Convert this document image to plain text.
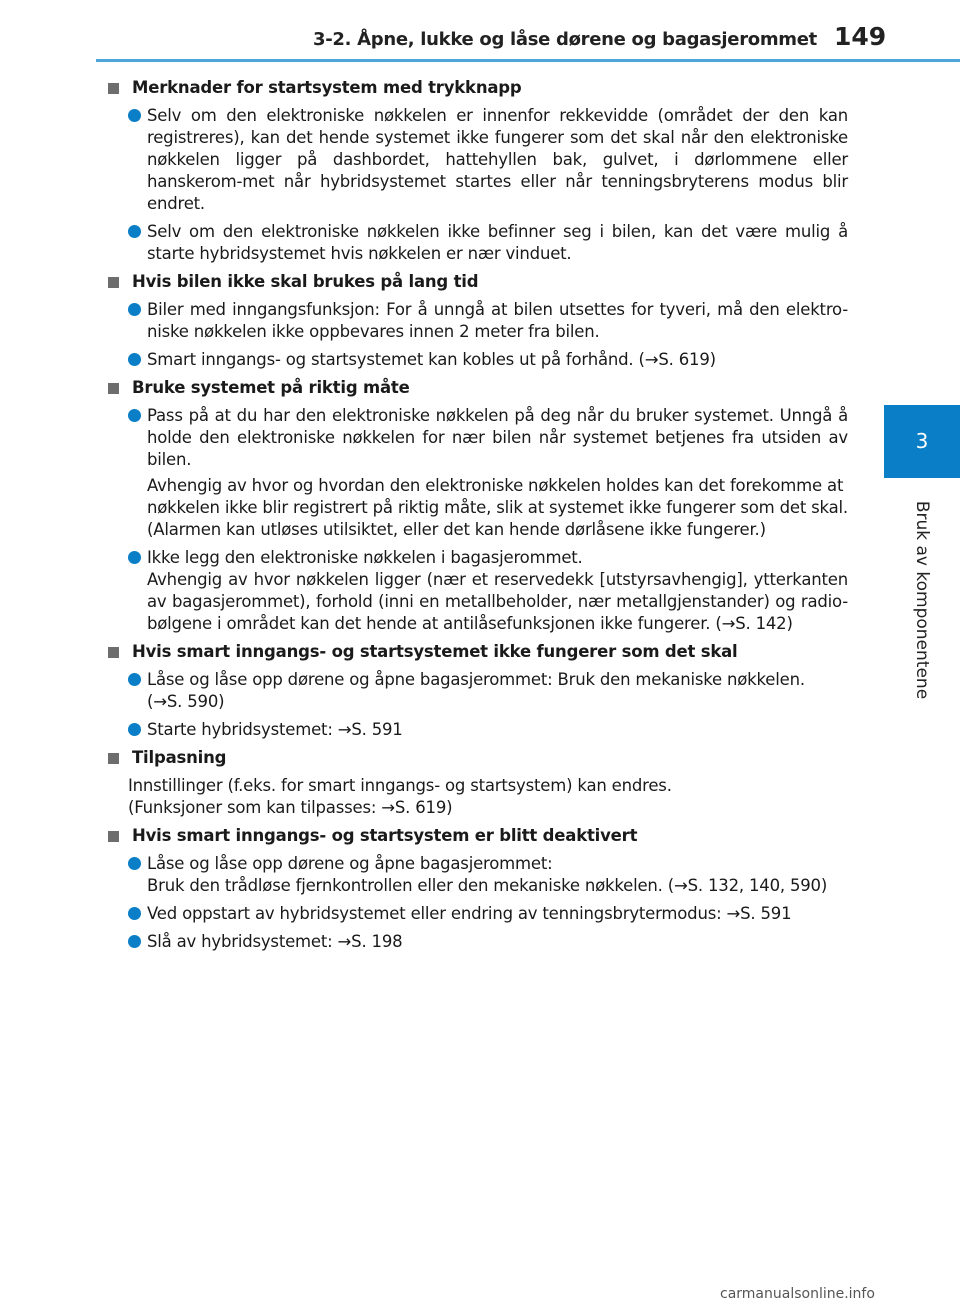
3-2. Åpne, lukke og låse dørene og bagasjerommet 149
3
Bruk av komponentene
Merknader for startsystem med trykknapp
Selv om den elektroniske nøkkelen er innenfor rekkevidde (området der den kan registreres), kan det hende systemet ikke fungerer som det skal når den elektroniske nøkkelen ligger på dashbordet, hattehyllen bak, gulvet, i dørlommene eller hanskerom-met når hybridsystemet startes eller når tenningsbryterens modus blir endret.
Selv om den elektroniske nøkkelen ikke befinner seg i bilen, kan det være mulig å starte hybridsystemet hvis nøkkelen er nær vinduet.
Hvis bilen ikke skal brukes på lang tid
Biler med inngangsfunksjon: For å unngå at bilen utsettes for tyveri, må den elektro-niske nøkkelen ikke oppbevares innen 2 meter fra bilen.
Smart inngangs- og startsystemet kan kobles ut på forhånd. (→S. 619)
Bruke systemet på riktig måte
Pass på at du har den elektroniske nøkkelen på deg når du bruker systemet. Unngå å holde den elektroniske nøkkelen for nær bilen når systemet betjenes fra utsiden av bilen.
Avhengig av hvor og hvordan den elektroniske nøkkelen holdes kan det forekomme at nøkkelen ikke blir registrert på riktig måte, slik at systemet ikke fungerer som det skal. (Alarmen kan utløses utilsiktet, eller det kan hende dørlåsene ikke fungerer.)
Ikke legg den elektroniske nøkkelen i bagasjerommet.
Avhengig av hvor nøkkelen ligger (nær et reservedekk [utstyrsavhengig], ytterkanten av bagasjerommet), forhold (inni en metallbeholder, nær metallgjenstander) og radio-bølgene i området kan det hende at antilåsefunksjonen ikke fungerer. (→S. 142)
Hvis smart inngangs- og startsystemet ikke fungerer som det skal
Låse og låse opp dørene og åpne bagasjerommet: Bruk den mekaniske nøkkelen.
(→S. 590)
Starte hybridsystemet: →S. 591
Tilpasning
Innstillinger (f.eks. for smart inngangs- og startsystem) kan endres.
(Funksjoner som kan tilpasses: →S. 619)
Hvis smart inngangs- og startsystem er blitt deaktivert
Låse og låse opp dørene og åpne bagasjerommet:
Bruk den trådløse fjernkontrollen eller den mekaniske nøkkelen. (→S. 132, 140, 590)
Ved oppstart av hybridsystemet eller endring av tenningsbrytermodus: →S. 591
Slå av hybridsystemet: →S. 198
carmanualsonline.info
